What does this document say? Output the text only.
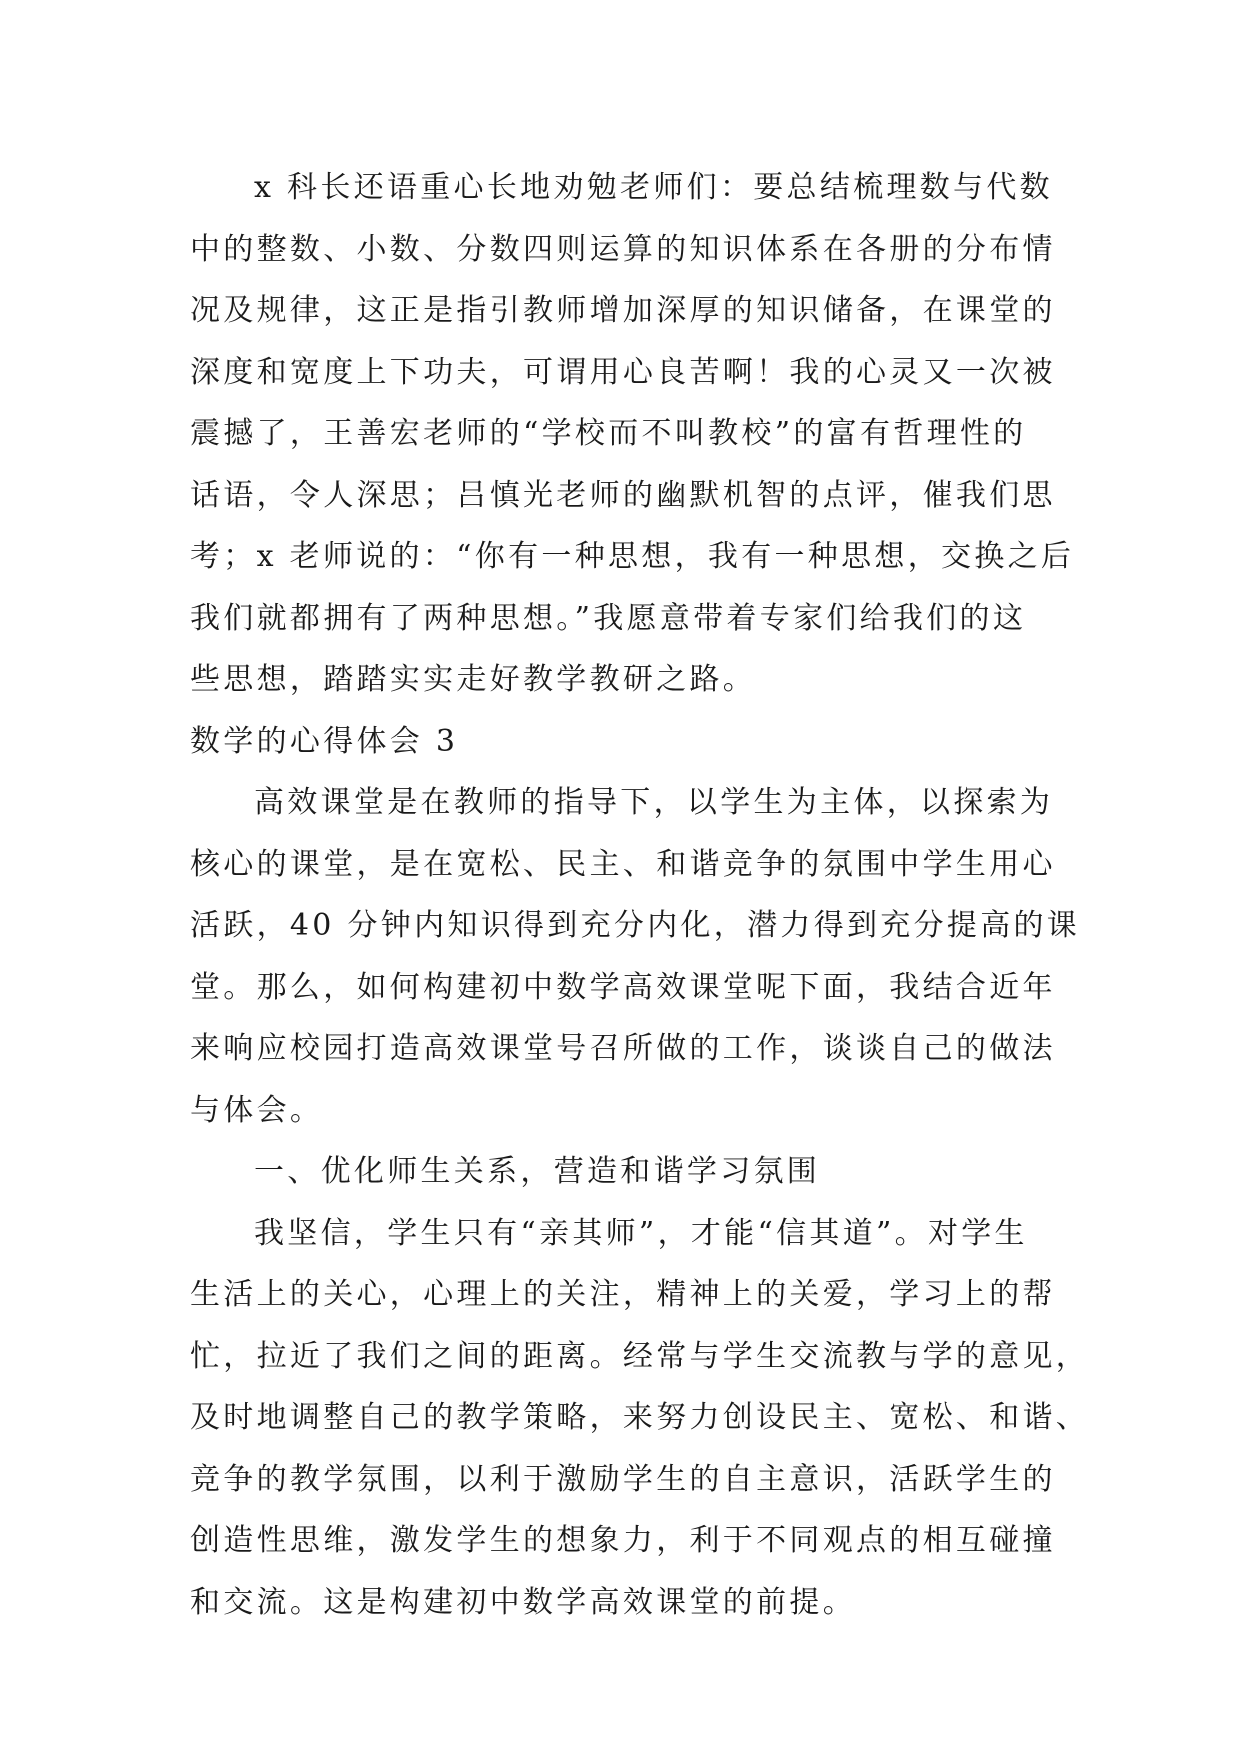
x 科长还语重心长地劝勉老师们：要总结梳理数与代数
中的整数、小数、分数四则运算的知识体系在各册的分布情
况及规律，这正是指引教师增加深厚的知识储备，在课堂的
深度和宽度上下功夫，可谓用心良苦啊！我的心灵又一次被
震撼了，王善宏老师的“学校而不叫教校”的富有哲理性的
话语，令人深思；吕慎光老师的幽默机智的点评，催我们思
考；x 老师说的：“你有一种思想，我有一种思想，交换之后
我们就都拥有了两种思想。”我愿意带着专家们给我们的这
些思想，踏踏实实走好教学教研之路。
数学的心得体会 3
高效课堂是在教师的指导下，以学生为主体，以探索为
核心的课堂，是在宽松、民主、和谐竞争的氛围中学生用心
活跃，40 分钟内知识得到充分内化，潜力得到充分提高的课
堂。那么，如何构建初中数学高效课堂呢下面，我结合近年
来响应校园打造高效课堂号召所做的工作，谈谈自己的做法
与体会。
一、优化师生关系，营造和谐学习氛围
我坚信，学生只有“亲其师”，才能“信其道”。对学生
生活上的关心，心理上的关注，精神上的关爱，学习上的帮
忙，拉近了我们之间的距离。经常与学生交流教与学的意见，
及时地调整自己的教学策略，来努力创设民主、宽松、和谐、
竞争的教学氛围，以利于激励学生的自主意识，活跃学生的
创造性思维，激发学生的想象力，利于不同观点的相互碰撞
和交流。这是构建初中数学高效课堂的前提。
